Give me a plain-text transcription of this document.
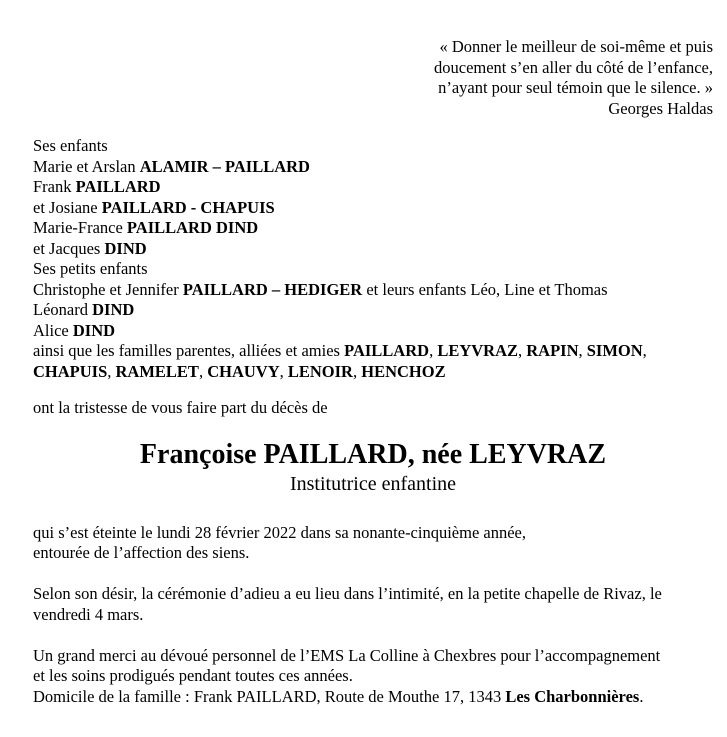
« Donner le meilleur de soi-même et puis
doucement s’en aller du côté de l’enfance,
n’ayant pour seul témoin que le silence. »
Georges Haldas
Ses enfants
Marie et Arslan ALAMIR – PAILLARD
Frank PAILLARD
et Josiane PAILLARD - CHAPUIS
Marie-France PAILLARD DIND
et Jacques DIND
Ses petits enfants
Christophe et Jennifer PAILLARD – HEDIGER et leurs enfants Léo, Line et Thomas
Léonard DIND
Alice DIND
ainsi que les familles parentes, alliées et amies PAILLARD, LEYVRAZ, RAPIN, SIMON,
CHAPUIS, RAMELET, CHAUVY, LENOIR, HENCHOZ
ont la tristesse de vous faire part du décès de
Françoise PAILLARD, née LEYVRAZ
Institutrice enfantine
qui s’est éteinte le lundi 28 février 2022 dans sa nonante-cinquième année,
entourée de l’affection des siens.
Selon son désir, la cérémonie d’adieu a eu lieu dans l’intimité, en la petite chapelle de Rivaz, le
vendredi 4 mars.
Un grand merci au dévoué personnel de l’EMS La Colline à Chexbres pour l’accompagnement
et les soins prodigués pendant toutes ces années.
Domicile de la famille : Frank PAILLARD, Route de Mouthe 17, 1343 Les Charbonnières.
